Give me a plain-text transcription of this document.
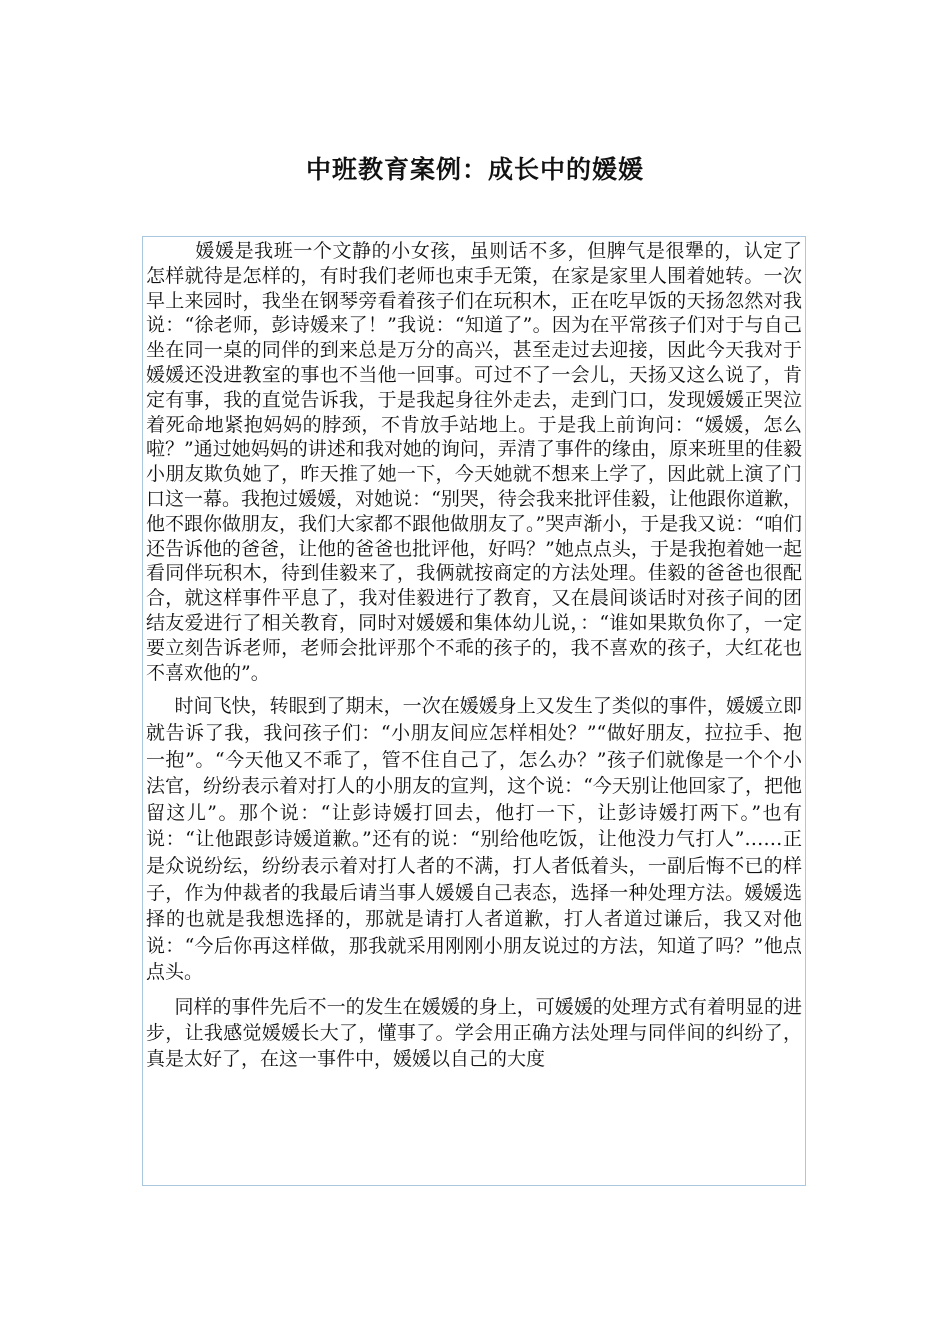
中班教育案例：成长中的媛媛

媛媛是我班一个文静的小女孩，虽则话不多，但脾气是很犟的，认定了怎样就待是怎样的，有时我们老师也束手无策，在家是家里人围着她转。一次早上来园时，我坐在钢琴旁看着孩子们在玩积木，正在吃早饭的天扬忽然对我说：“徐老师，彭诗媛来了！”我说：“知道了”。因为在平常孩子们对于与自己坐在同一桌的同伴的到来总是万分的高兴，甚至走过去迎接，因此今天我对于媛媛还没进教室的事也不当他一回事。可过不了一会儿，天扬又这么说了，肯定有事，我的直觉告诉我，于是我起身往外走去，走到门口，发现媛媛正哭泣着死命地紧抱妈妈的脖颈，不肯放手站地上。于是我上前询问：“媛媛，怎么啦？”通过她妈妈的讲述和我对她的询问，弄清了事件的缘由，原来班里的佳毅小朋友欺负她了，昨天推了她一下，今天她就不想来上学了，因此就上演了门口这一幕。我抱过媛媛，对她说：“别哭，待会我来批评佳毅，让他跟你道歉，他不跟你做朋友，我们大家都不跟他做朋友了。”哭声渐小，于是我又说：“咱们还告诉他的爸爸，让他的爸爸也批评他，好吗？”她点点头，于是我抱着她一起看同伴玩积木，待到佳毅来了，我俩就按商定的方法处理。佳毅的爸爸也很配合，就这样事件平息了，我对佳毅进行了教育，又在晨间谈话时对孩子间的团结友爱进行了相关教育，同时对媛媛和集体幼儿说，：“谁如果欺负你了，一定要立刻告诉老师，老师会批评那个不乖的孩子的，我不喜欢的孩子，大红花也不喜欢他的”。

时间飞快，转眼到了期末，一次在媛媛身上又发生了类似的事件，媛媛立即就告诉了我，我问孩子们：“小朋友间应怎样相处？”“做好朋友，拉拉手、抱一抱”。“今天他又不乖了，管不住自己了，怎么办？”孩子们就像是一个个小法官，纷纷表示着对打人的小朋友的宣判，这个说：“今天别让他回家了，把他留这儿”。那个说：“让彭诗媛打回去，他打一下，让彭诗媛打两下。”也有说：“让他跟彭诗媛道歉。”还有的说：“别给他吃饭，让他没力气打人”……正是众说纷纭，纷纷表示着对打人者的不满，打人者低着头，一副后悔不已的样子，作为仲裁者的我最后请当事人媛媛自己表态，选择一种处理方法。媛媛选择的也就是我想选择的，那就是请打人者道歉，打人者道过谦后，我又对他说：“今后你再这样做，那我就采用刚刚小朋友说过的方法，知道了吗？”他点点头。

同样的事件先后不一的发生在媛媛的身上，可媛媛的处理方式有着明显的进步，让我感觉媛媛长大了，懂事了。学会用正确方法处理与同伴间的纠纷了，真是太好了，在这一事件中，媛媛以自己的大度
